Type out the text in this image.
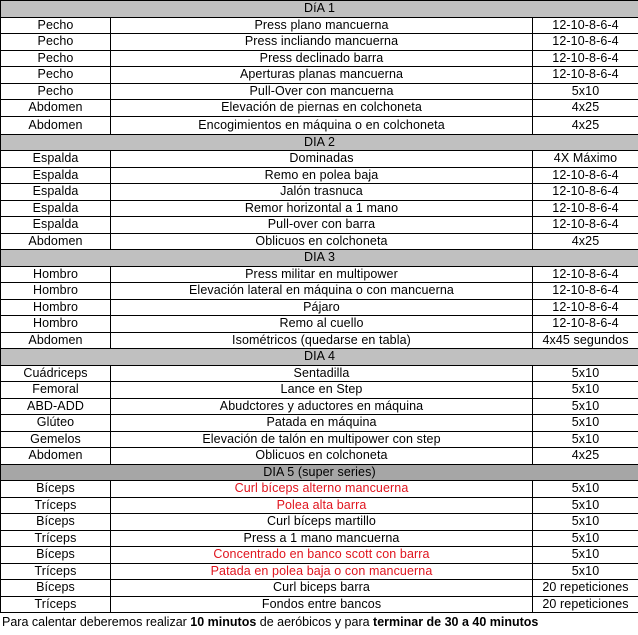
DíA 1		
Pecho	Press plano mancuerna	12-10-8-6-4
Pecho	Press incliando mancuerna	12-10-8-6-4
Pecho	Press declinado barra	12-10-8-6-4
Pecho	Aperturas planas mancuerna	12-10-8-6-4
Pecho	Pull-Over con mancuerna	5x10
Abdomen	Elevación de piernas en colchoneta	4x25
Abdomen	Encogimientos en máquina o en colchoneta	4x25
DIA 2		
Espalda	Dominadas	4X Máximo
Espalda	Remo en polea baja	12-10-8-6-4
Espalda	Jalón trasnuca	12-10-8-6-4
Espalda	Remor horizontal a 1 mano	12-10-8-6-4
Espalda	Pull-over con barra	12-10-8-6-4
Abdomen	Oblicuos en colchoneta	4x25
DIA 3		
Hombro	Press militar en multipower	12-10-8-6-4
Hombro	Elevación lateral en máquina o con mancuerna	12-10-8-6-4
Hombro	Pájaro	12-10-8-6-4
Hombro	Remo al cuello	12-10-8-6-4
Abdomen	Isométricos (quedarse en tabla)	4x45 segundos
DIA 4		
Cuádriceps	Sentadilla	5x10
Femoral	Lance en Step	5x10
ABD-ADD	Abudctores y aductores en máquina	5x10
Glúteo	Patada en máquina	5x10
Gemelos	Elevación de talón en multipower con step	5x10
Abdomen	Oblicuos en colchoneta	4x25
DIA 5 (super series)		
Bíceps	Curl bíceps alterno mancuerna	5x10
Tríceps	Polea alta barra	5x10
Bíceps	Curl bíceps martillo	5x10
Tríceps	Press a 1 mano mancuerna	5x10
Bíceps	Concentrado en banco scott con barra	5x10
Tríceps	Patada en polea baja o con mancuerna	5x10
Bíceps	Curl biceps barra	20 repeticiones
Tríceps	Fondos entre bancos	20 repeticiones
Para calentar deberemos realizar 10 minutos de aeróbicos y para terminar de 30 a 40 minutos
